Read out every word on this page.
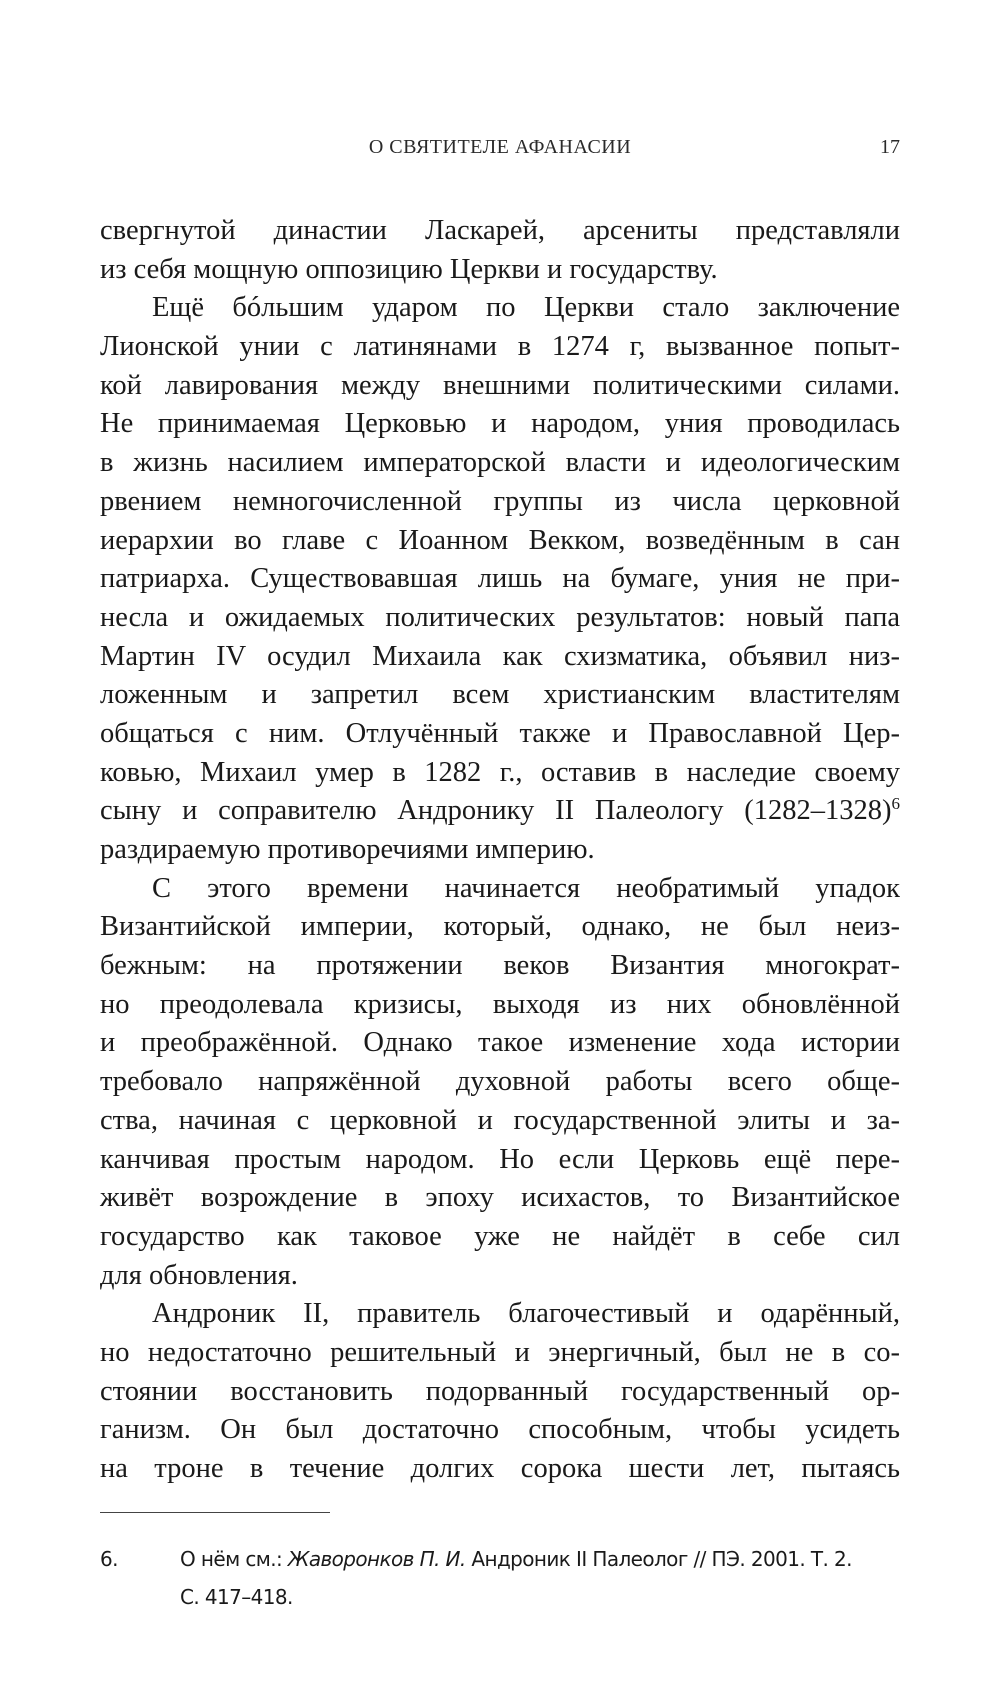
О СВЯТИТЕЛЕ АФАНАСИИ	17
свергнутой династии Ласкарей, арсениты представляли
из себя мощную оппозицию Церкви и государству.
Ещё бóльшим ударом по Церкви стало заключение
Лионской унии с латинянами в 1274 г, вызванное попыт-
кой лавирования между внешними политическими силами.
Не принимаемая Церковью и народом, уния проводилась
в жизнь насилием императорской власти и идеологическим
рвением немногочисленной группы из числа церковной
иерархии во главе с Иоанном Векком, возведённым в сан
патриарха. Существовавшая лишь на бумаге, уния не при-
несла и ожидаемых политических результатов: новый папа
Мартин IV осудил Михаила как схизматика, объявил низ-
ложенным и запретил всем христианским властителям
общаться с ним. Отлучённый также и Православной Цер-
ковью, Михаил умер в 1282 г., оставив в наследие своему
сыну и соправителю Андронику II Палеологу (1282–1328)$^6$
раздираемую противоречиями империю.
С этого времени начинается необратимый упадок
Византийской империи, который, однако, не был неиз-
бежным: на протяжении веков Византия многократ-
но преодолевала кризисы, выходя из них обновлённой
и преображённой. Однако такое изменение хода истории
требовало напряжённой духовной работы всего обще-
ства, начиная с церковной и государственной элиты и за-
канчивая простым народом. Но если Церковь ещё пере-
живёт возрождение в эпоху исихастов, то Византийское
государство как таковое уже не найдёт в себе сил
для обновления.
Андроник II, правитель благочестивый и одарённый,
но недостаточно решительный и энергичный, был не в со-
стоянии восстановить подорванный государственный ор-
ганизм. Он был достаточно способным, чтобы усидеть
на троне в течение долгих сорока шести лет, пытаясь
6.	О нём см.: Жаворонков П. И. Андроник II Палеолог // ПЭ. 2001. Т. 2.
С. 417–418.
